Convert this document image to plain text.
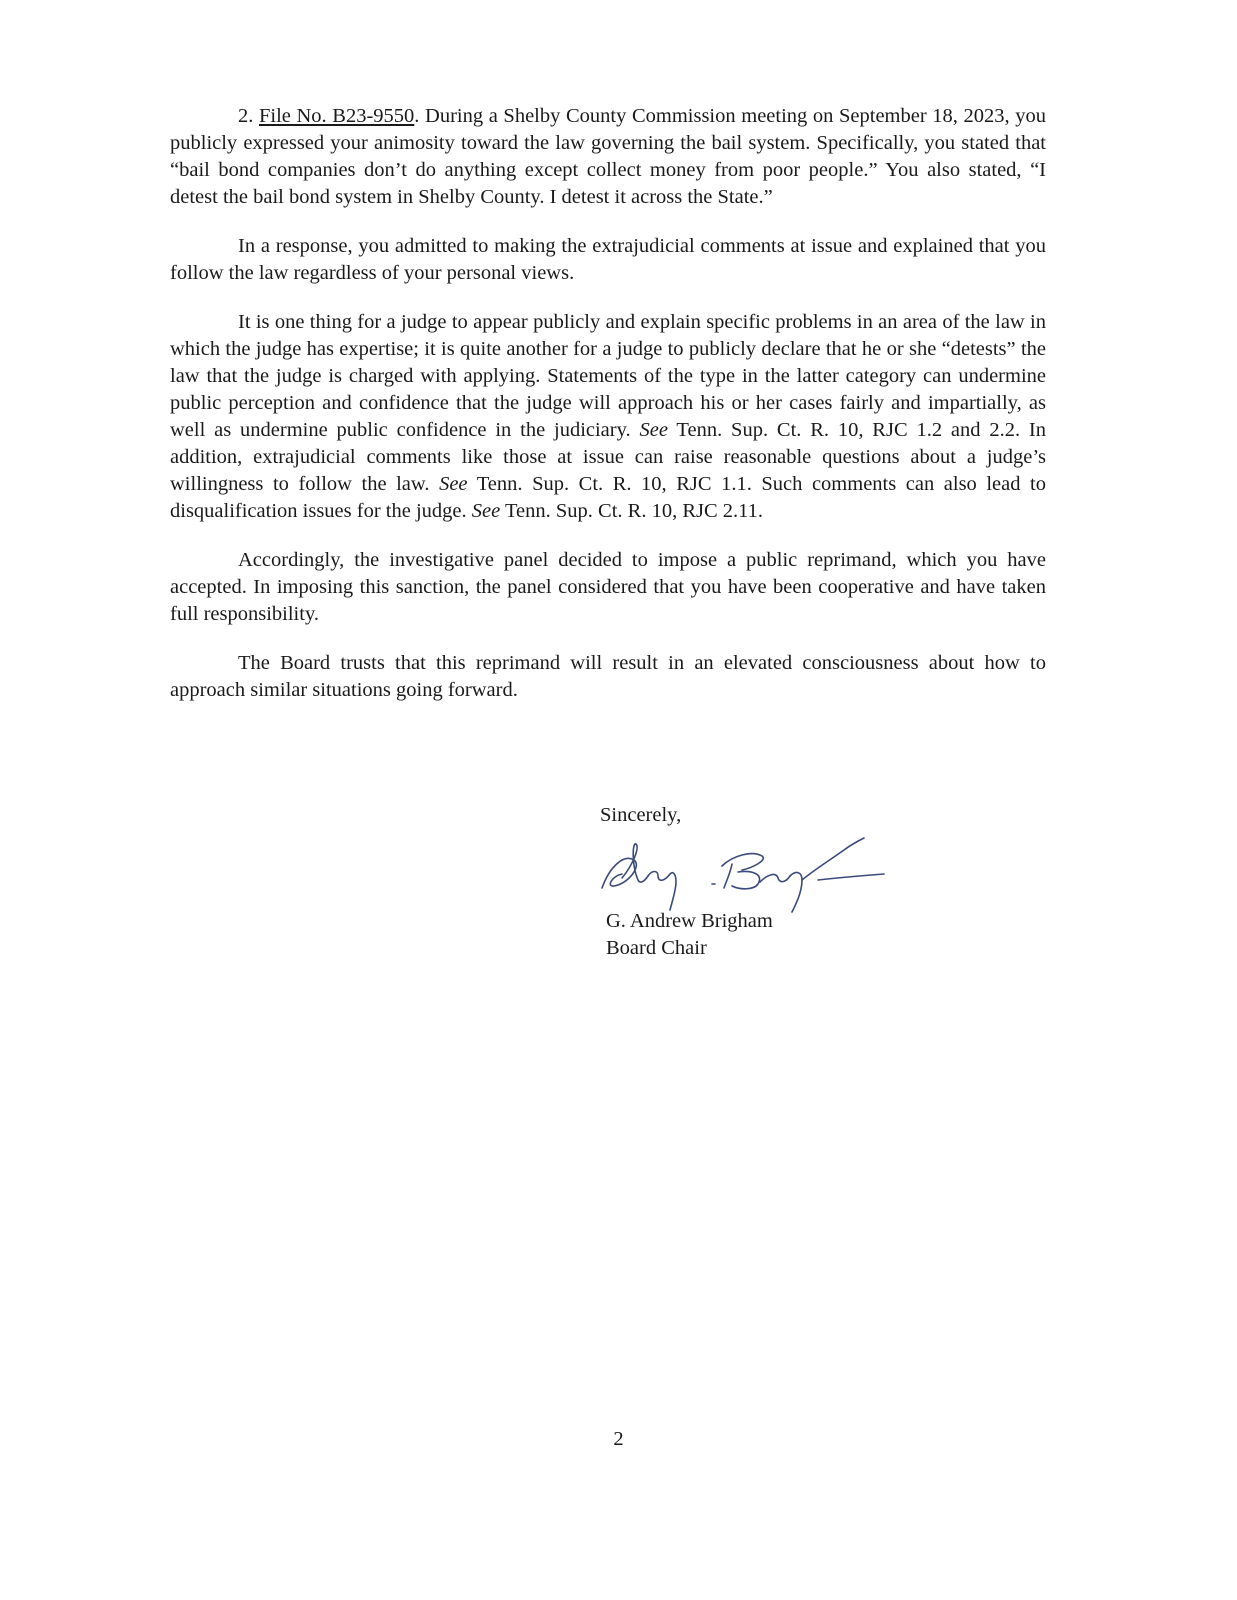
2. File No. B23-9550. During a Shelby County Commission meeting on September 18, 2023, you publicly expressed your animosity toward the law governing the bail system. Specifically, you stated that “bail bond companies don’t do anything except collect money from poor people.” You also stated, “I detest the bail bond system in Shelby County. I detest it across the State.”

In a response, you admitted to making the extrajudicial comments at issue and explained that you follow the law regardless of your personal views.

It is one thing for a judge to appear publicly and explain specific problems in an area of the law in which the judge has expertise; it is quite another for a judge to publicly declare that he or she “detests” the law that the judge is charged with applying. Statements of the type in the latter category can undermine public perception and confidence that the judge will approach his or her cases fairly and impartially, as well as undermine public confidence in the judiciary. See Tenn. Sup. Ct. R. 10, RJC 1.2 and 2.2. In addition, extrajudicial comments like those at issue can raise reasonable questions about a judge’s willingness to follow the law. See Tenn. Sup. Ct. R. 10, RJC 1.1. Such comments can also lead to disqualification issues for the judge. See Tenn. Sup. Ct. R. 10, RJC 2.11.

Accordingly, the investigative panel decided to impose a public reprimand, which you have accepted. In imposing this sanction, the panel considered that you have been cooperative and have taken full responsibility.

The Board trusts that this reprimand will result in an elevated consciousness about how to approach similar situations going forward.

Sincerely,
G. Andrew Brigham
Board Chair
2
